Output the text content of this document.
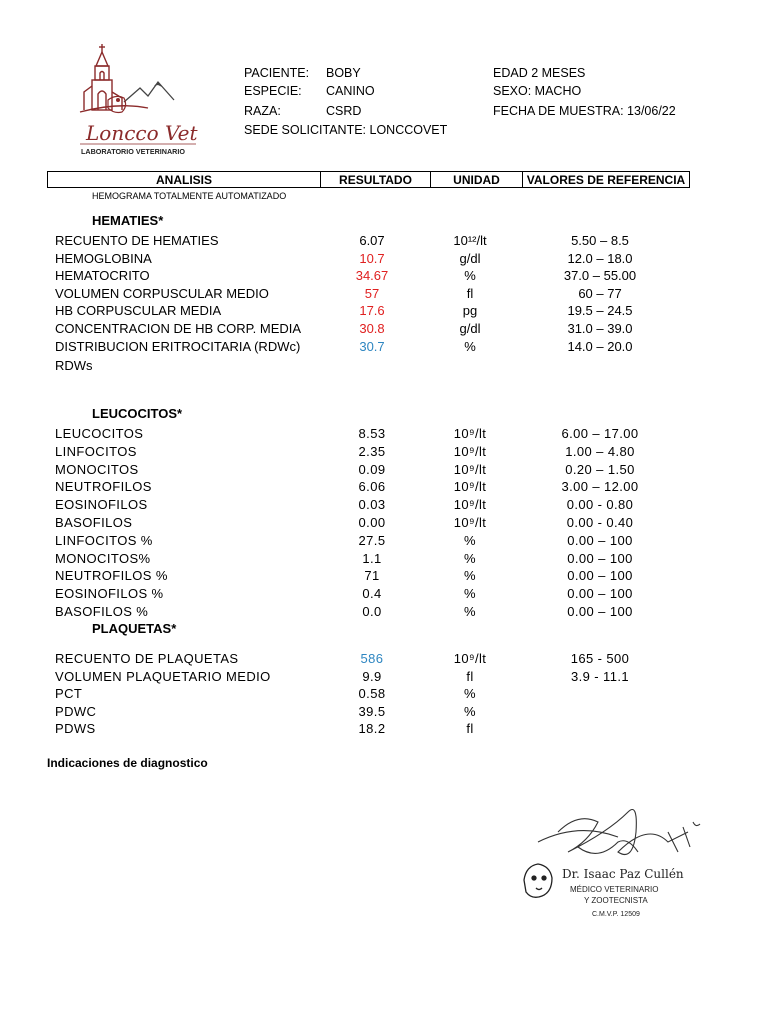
Loncco Vet
LABORATORIO VETERINARIO
PACIENTE: BOBY
ESPECIE: CANINO
RAZA:	CSRD
SEDE SOLICITANTE: LONCCOVET
EDAD 2 MESES
SEXO: MACHO
FECHA DE MUESTRA: 13/06/22
ANALISIS	RESULTADO	UNIDAD	VALORES DE REFERENCIA
HEMOGRAMA TOTALMENTE AUTOMATIZADO
HEMATIES*
RECUENTO DE HEMATIES	6.07	10¹²/lt	5.50 – 8.5
HEMOGLOBINA	10.7	g/dl	12.0 – 18.0
HEMATOCRITO	34.67	%	37.0 – 55.00
VOLUMEN CORPUSCULAR MEDIO	57	fl	60 – 77
HB CORPUSCULAR MEDIA	17.6	pg	19.5 – 24.5
CONCENTRACION DE HB CORP. MEDIA	30.8	g/dl	31.0 – 39.0
DISTRIBUCION ERITROCITARIA (RDWc)	30.7	%	14.0 – 20.0
RDWs
LEUCOCITOS*
LEUCOCITOS	8.53	10⁹/lt	6.00 – 17.00
LINFOCITOS	2.35	10⁹/lt	1.00 – 4.80
MONOCITOS	0.09	10⁹/lt	0.20 – 1.50
NEUTROFILOS	6.06	10⁹/lt	3.00 – 12.00
EOSINOFILOS	0.03	10⁹/lt	0.00 - 0.80
BASOFILOS	0.00	10⁹/lt	0.00 - 0.40
LINFOCITOS %	27.5	%	0.00 – 100
MONOCITOS%	1.1	%	0.00 – 100
NEUTROFILOS %	71	%	0.00 – 100
EOSINOFILOS %	0.4	%	0.00 – 100
BASOFILOS %	0.0	%	0.00 – 100
PLAQUETAS*
RECUENTO DE PLAQUETAS	586	10⁹/lt	165 - 500
VOLUMEN PLAQUETARIO MEDIO	9.9	fl	3.9 - 11.1
PCT	0.58	%
PDWC	39.5	%
PDWS	18.2	fl
Indicaciones de diagnostico
Dr. Isaac Paz Cullén
MÉDICO VETERINARIO
Y ZOOTECNISTA
C.M.V.P. 12509
